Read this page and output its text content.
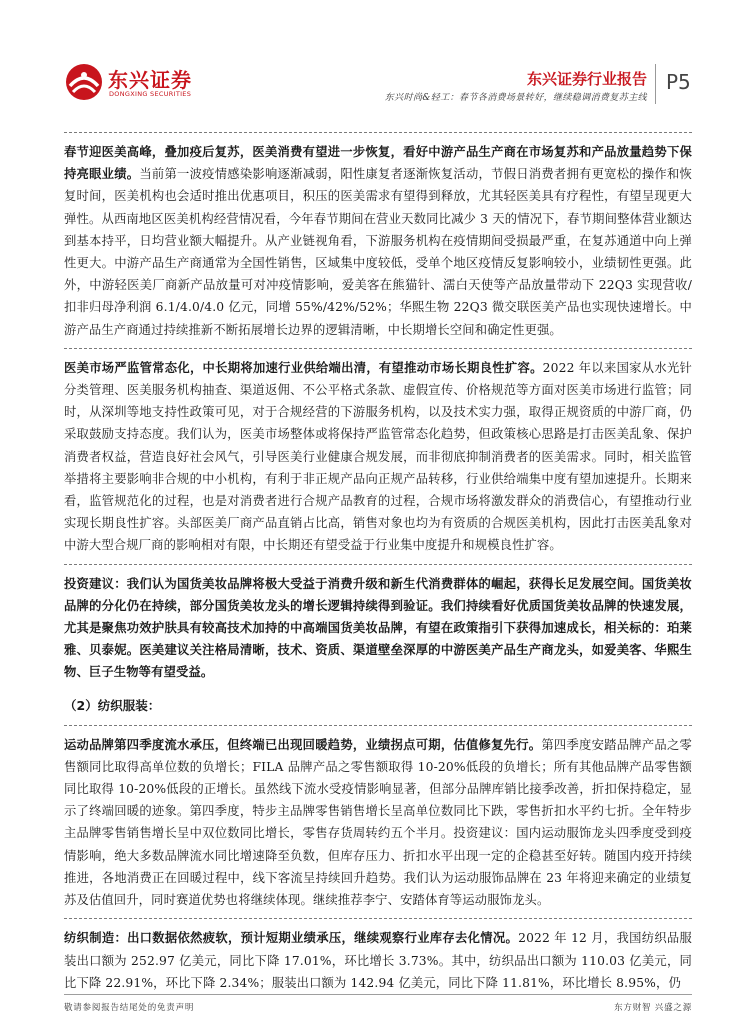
东兴证券
DONGXING SECURITIES
东兴证券行业报告
东兴时尚&轻工：春节各消费场景转好，继续稳调消费复苏主线
P5

春节迎医美高峰，叠加疫后复苏，医美消费有望进一步恢复，看好中游产品生产商在市场复苏和产品放量趋势下保持亮眼业绩。当前第一波疫情感染影响逐渐减弱，阳性康复者逐渐恢复活动，节假日消费者拥有更宽松的操作和恢复时间，医美机构也会适时推出优惠项目，积压的医美需求有望得到释放，尤其轻医美具有疗程性，有望呈现更大弹性。从西南地区医美机构经营情况看，今年春节期间在营业天数同比减少 3 天的情况下，春节期间整体营业额达到基本持平，日均营业额大幅提升。从产业链视角看，下游服务机构在疫情期间受损最严重，在复苏通道中向上弹性更大。中游产品生产商通常为全国性销售，区域集中度较低，受单个地区疫情反复影响较小，业绩韧性更强。此外，中游轻医美厂商新产品放量可对冲疫情影响，爱美客在熊猫针、濡白天使等产品放量带动下 22Q3 实现营收/扣非归母净利润 6.1/4.0/4.0 亿元，同增 55%/42%/52%；华熙生物 22Q3 微交联医美产品也实现快速增长。中游产品生产商通过持续推新不断拓展增长边界的逻辑清晰，中长期增长空间和确定性更强。

医美市场严监管常态化，中长期将加速行业供给端出清，有望推动市场长期良性扩容。2022 年以来国家从水光针分类管理、医美服务机构抽查、渠道返佣、不公平格式条款、虚假宣传、价格规范等方面对医美市场进行监管；同时，从深圳等地支持性政策可见，对于合规经营的下游服务机构，以及技术实力强，取得正规资质的中游厂商，仍采取鼓励支持态度。我们认为，医美市场整体或将保持严监管常态化趋势，但政策核心思路是打击医美乱象、保护消费者权益，营造良好社会风气，引导医美行业健康合规发展，而非彻底抑制消费者的医美需求。同时，相关监管举措将主要影响非合规的中小机构，有利于非正规产品向正规产品转移，行业供给端集中度有望加速提升。长期来看，监管规范化的过程，也是对消费者进行合规产品教育的过程，合规市场将激发群众的消费信心，有望推动行业实现长期良性扩容。头部医美厂商产品直销占比高，销售对象也均为有资质的合规医美机构，因此打击医美乱象对中游大型合规厂商的影响相对有限，中长期还有望受益于行业集中度提升和规模良性扩容。

投资建议：我们认为国货美妆品牌将极大受益于消费升级和新生代消费群体的崛起，获得长足发展空间。国货美妆品牌的分化仍在持续，部分国货美妆龙头的增长逻辑持续得到验证。我们持续看好优质国货美妆品牌的快速发展，尤其是聚焦功效护肤具有较高技术加持的中高端国货美妆品牌，有望在政策指引下获得加速成长，相关标的：珀莱雅、贝泰妮。医美建议关注格局清晰，技术、资质、渠道壁垒深厚的中游医美产品生产商龙头，如爱美客、华熙生物、巨子生物等有望受益。

（2）纺织服装：

运动品牌第四季度流水承压，但终端已出现回暖趋势，业绩拐点可期，估值修复先行。第四季度安踏品牌产品之零售额同比取得高单位数的负增长；FILA 品牌产品之零售额取得 10-20%低段的负增长；所有其他品牌产品零售额同比取得 10-20%低段的正增长。虽然线下流水受疫情影响显著，但部分品牌库销比接季改善，折扣保持稳定，显示了终端回暖的迹象。第四季度，特步主品牌零售销售增长呈高单位数同比下跌，零售折扣水平约七折。全年特步主品牌零售销售增长呈中双位数同比增长，零售存货周转约五个半月。投资建议：国内运动服饰龙头四季度受到疫情影响，绝大多数品牌流水同比增速降至负数，但库存压力、折扣水平出现一定的企稳甚至好转。随国内疫开持续推进，各地消费正在回暖过程中，线下客流呈持续回升趋势。我们认为运动服饰品牌在 23 年将迎来确定的业绩复苏及估值回升，同时赛道优势也将继续体现。继续推荐李宁、安踏体育等运动服饰龙头。

纺织制造：出口数据依然疲软，预计短期业绩承压，继续观察行业库存去化情况。2022 年 12 月，我国纺织品服装出口额为 252.97 亿美元，同比下降 17.01%，环比增长 3.73%。其中，纺织品出口额为 110.03 亿美元，同比下降 22.91%，环比下降 2.34%；服装出口额为 142.94 亿美元，同比下降 11.81%，环比增长 8.95%，仍

敬请参阅报告结尾处的免责声明	东方财智 兴盛之源
